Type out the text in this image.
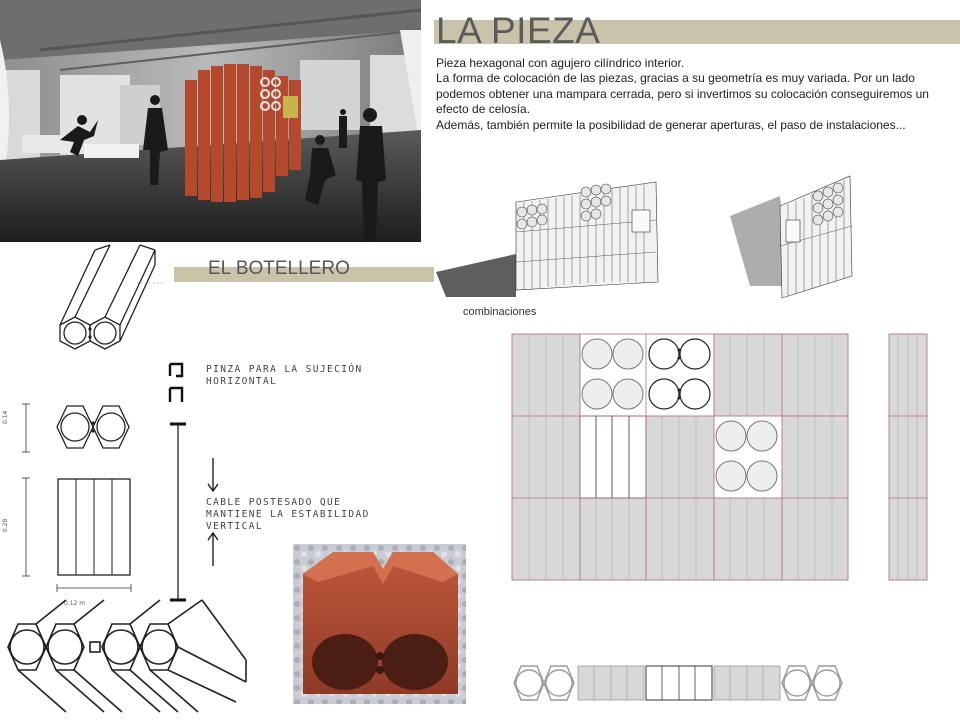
LA PIEZA
EL BOTELLERO

Pieza hexagonal con agujero cilíndrico interior.

La forma de colocación de las piezas, gracias a su geometría es muy variada. Por un lado podemos obtener una mampara cerrada, pero si invertimos su colocación conseguiremos un efecto de celosía.

Además, también permite la posibilidad de generar aperturas, el paso de instalaciones...

combinaciones
0.14
0.28
0.12 m
PINZA PARA LA SUJECIÓN
HORIZONTAL
CABLE POSTESADO QUE
MANTIENE LA ESTABILIDAD
VERTICAL
